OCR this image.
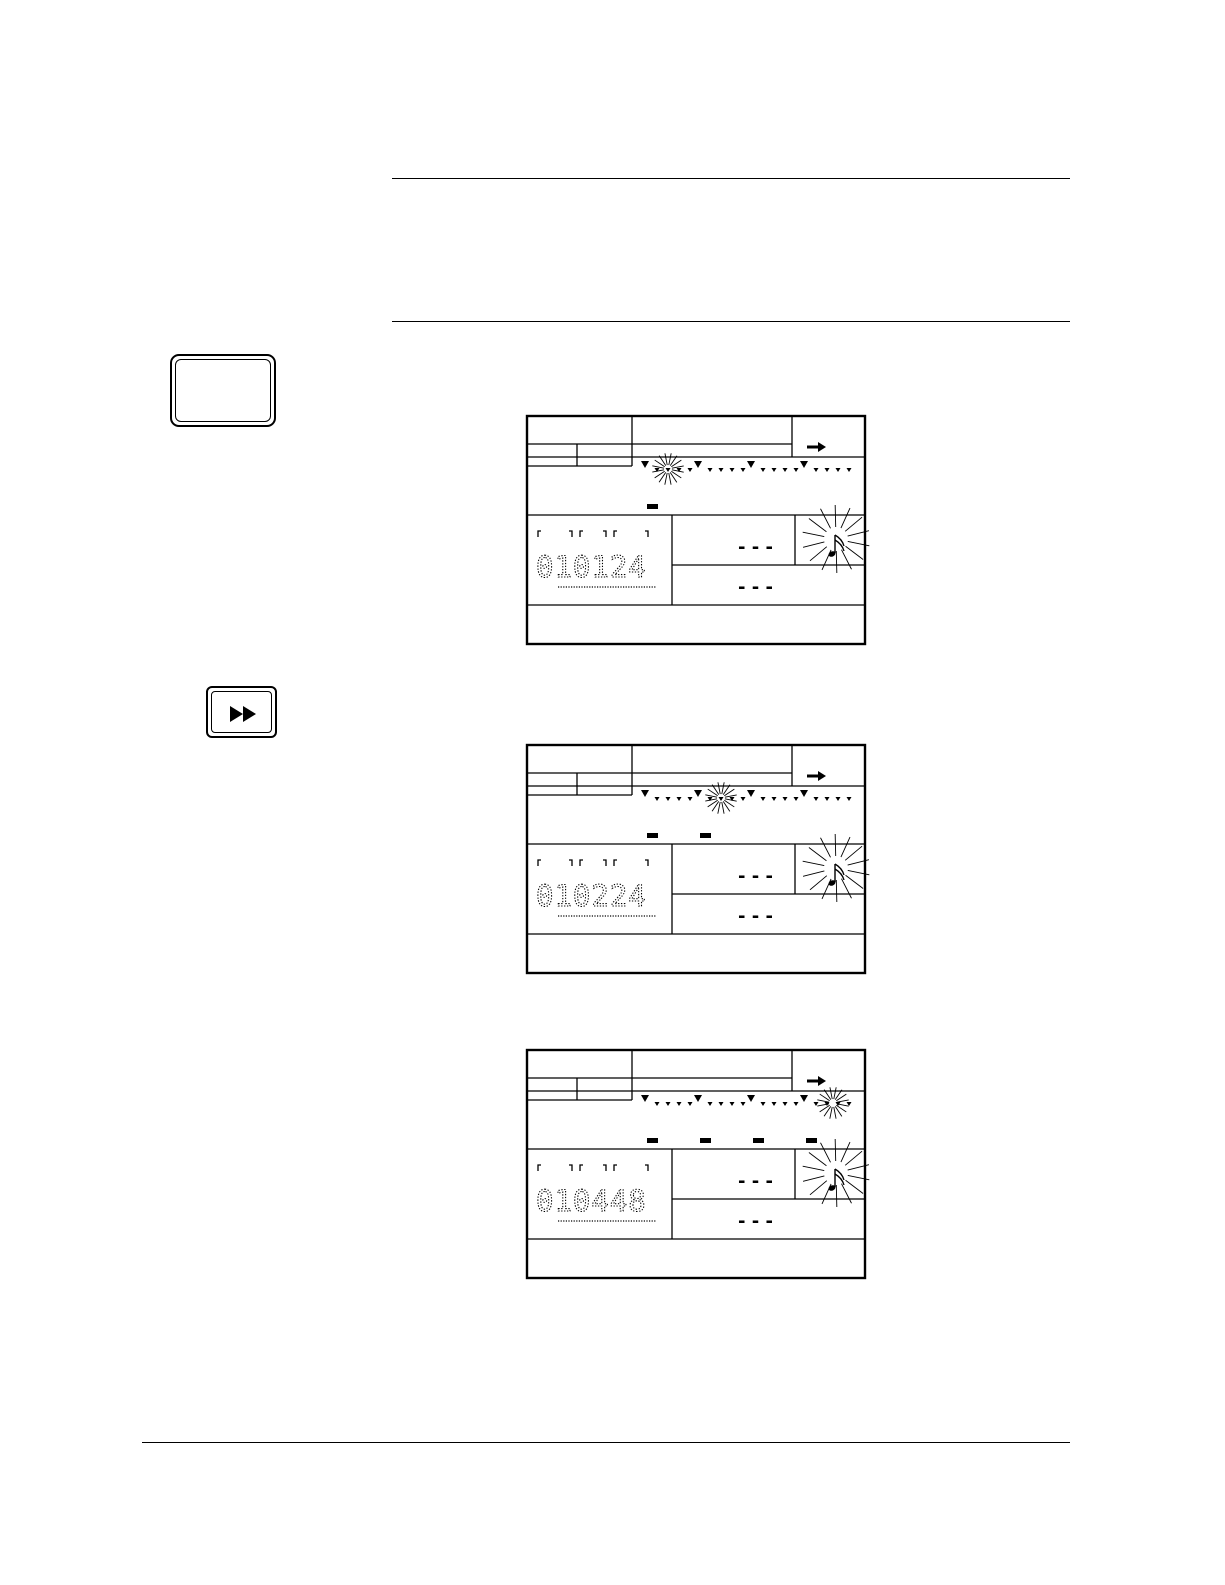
010124
- - -
- - -
010224
- - -
- - -
010448
- - -
- - -
